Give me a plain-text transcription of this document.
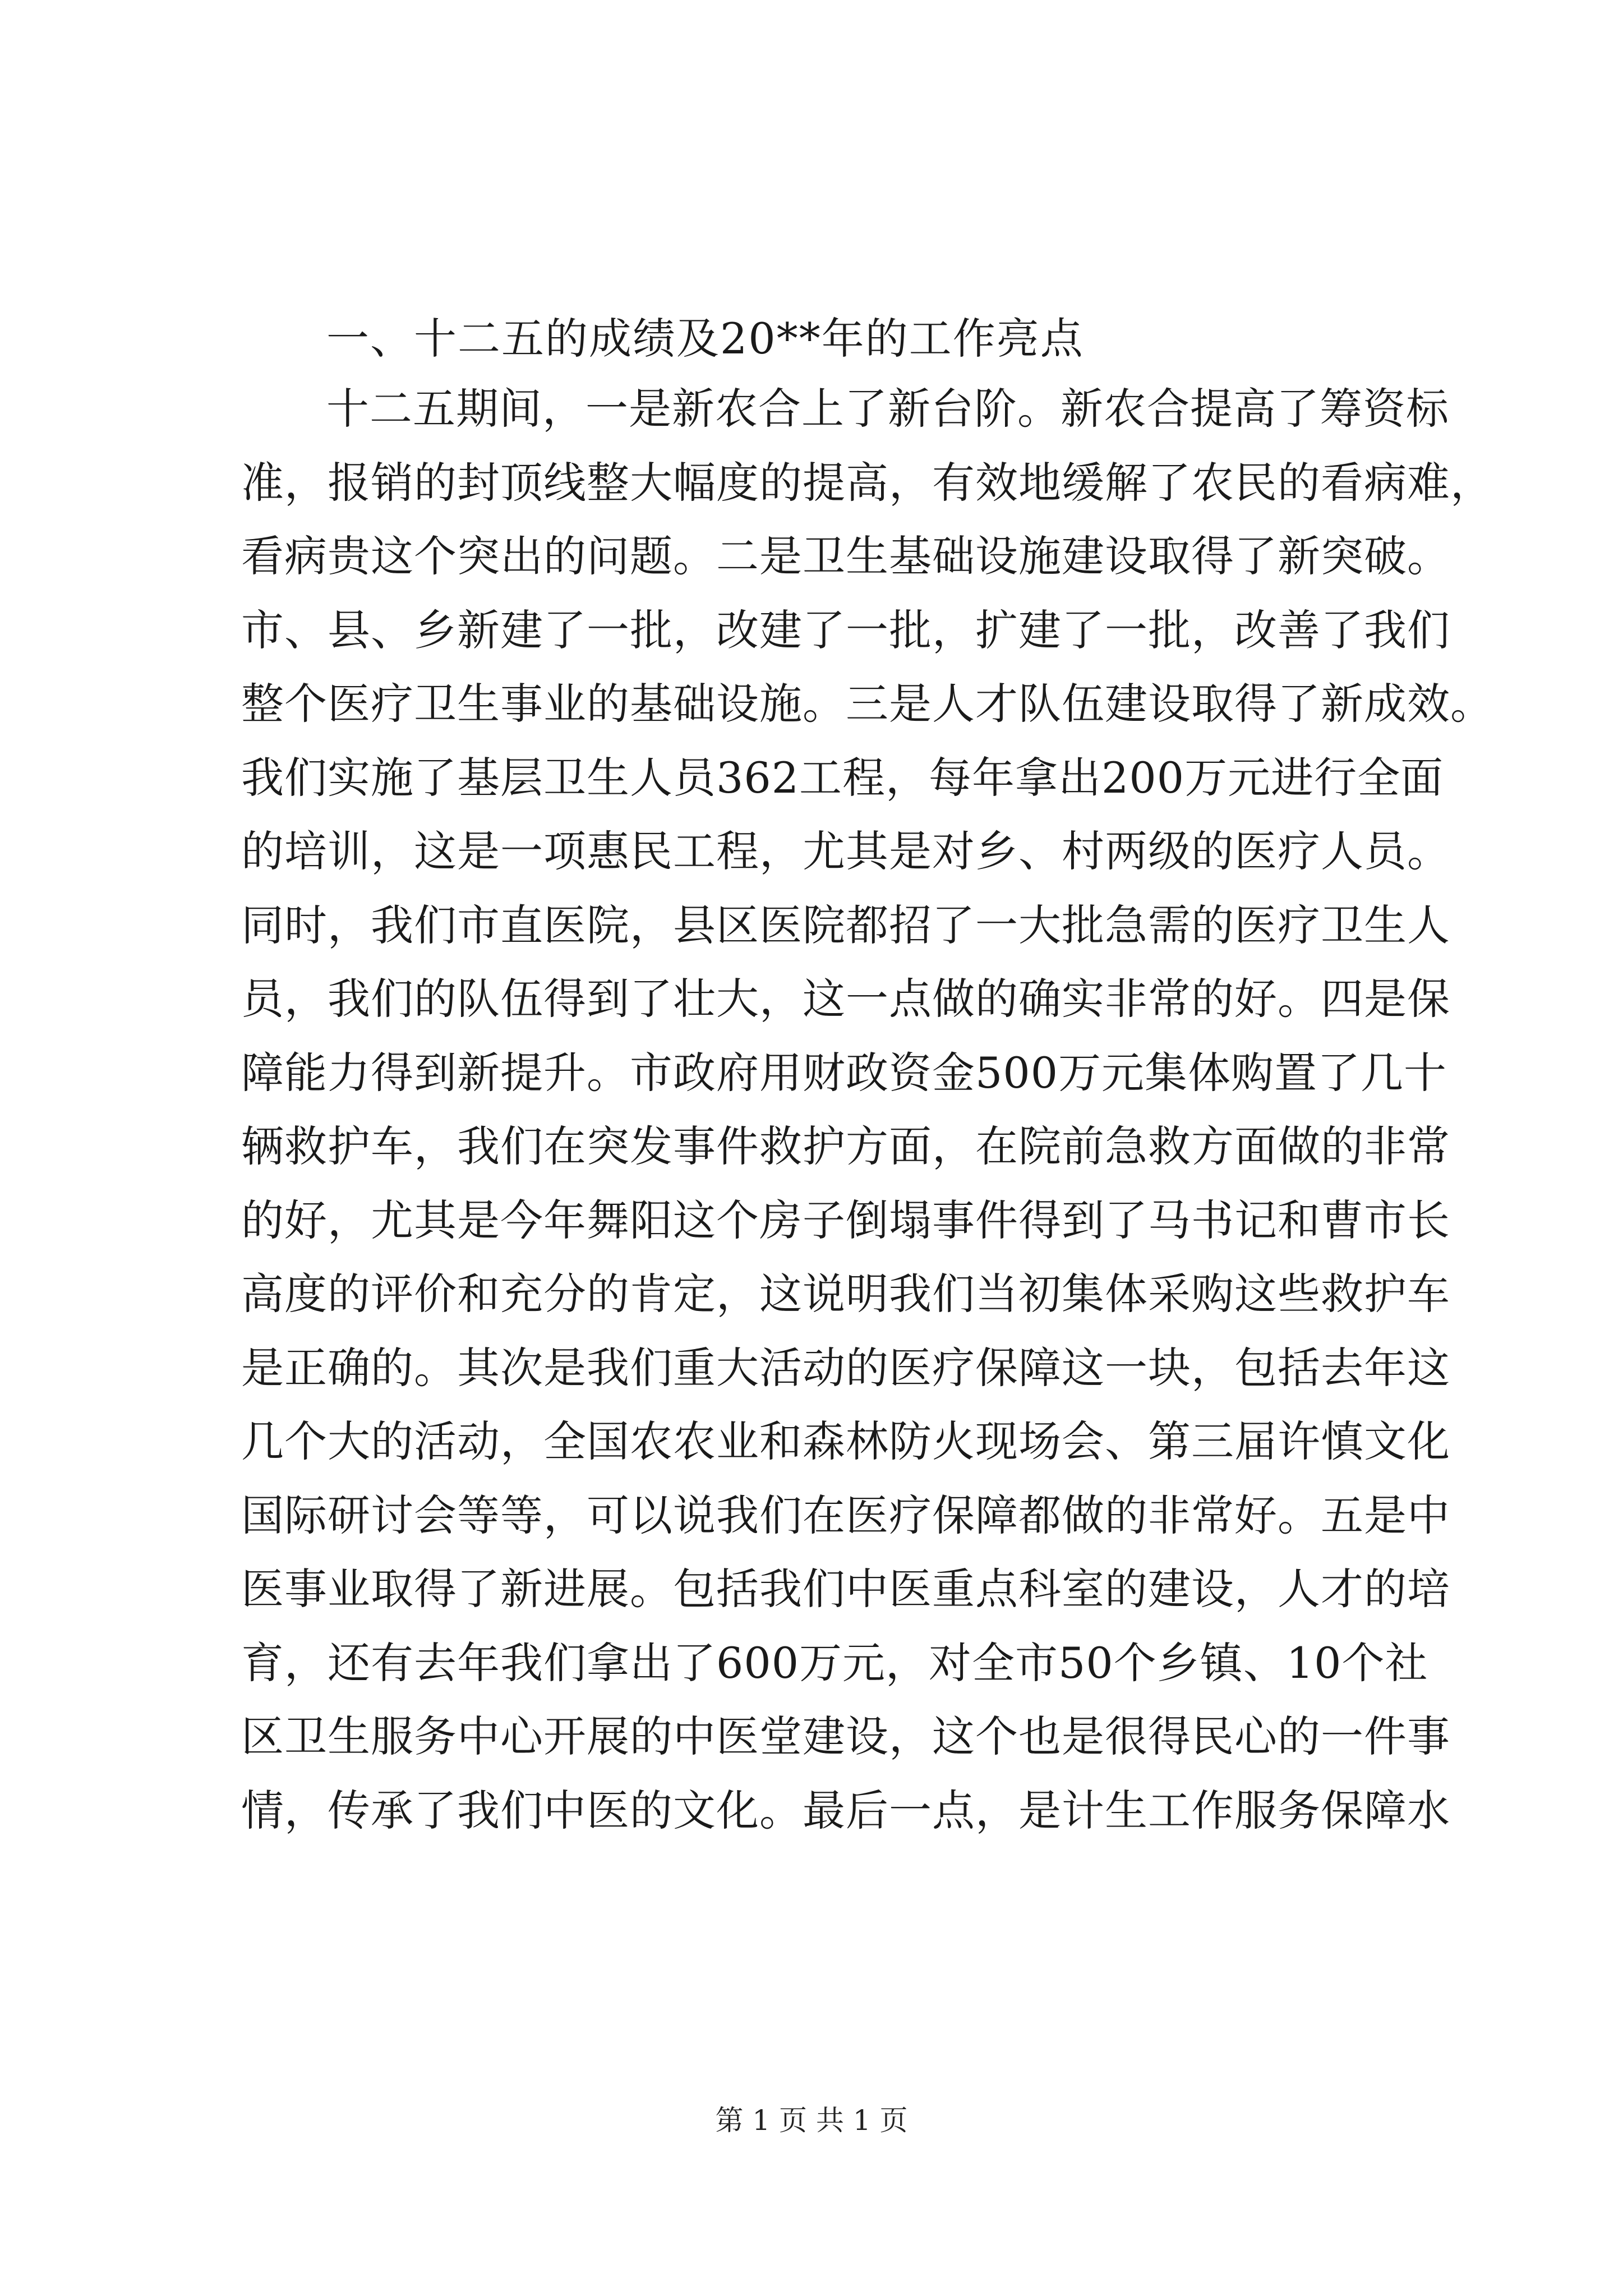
一、十二五的成绩及20**年的工作亮点

十二五期间，一是新农合上了新台阶。新农合提高了筹资标
准，报销的封顶线整大幅度的提高，有效地缓解了农民的看病难，
看病贵这个突出的问题。二是卫生基础设施建设取得了新突破。
市、县、乡新建了一批，改建了一批，扩建了一批，改善了我们
整个医疗卫生事业的基础设施。三是人才队伍建设取得了新成效。
我们实施了基层卫生人员362工程，每年拿出200万元进行全面
的培训，这是一项惠民工程，尤其是对乡、村两级的医疗人员。
同时，我们市直医院，县区医院都招了一大批急需的医疗卫生人
员，我们的队伍得到了壮大，这一点做的确实非常的好。四是保
障能力得到新提升。市政府用财政资金500万元集体购置了几十
辆救护车，我们在突发事件救护方面，在院前急救方面做的非常
的好，尤其是今年舞阳这个房子倒塌事件得到了马书记和曹市长
高度的评价和充分的肯定，这说明我们当初集体采购这些救护车
是正确的。其次是我们重大活动的医疗保障这一块，包括去年这
几个大的活动，全国农农业和森林防火现场会、第三届许慎文化
国际研讨会等等，可以说我们在医疗保障都做的非常好。五是中
医事业取得了新进展。包括我们中医重点科室的建设，人才的培
育，还有去年我们拿出了600万元，对全市50个乡镇、10个社
区卫生服务中心开展的中医堂建设，这个也是很得民心的一件事
情，传承了我们中医的文化。最后一点，是计生工作服务保障水
第 1 页 共 1 页
